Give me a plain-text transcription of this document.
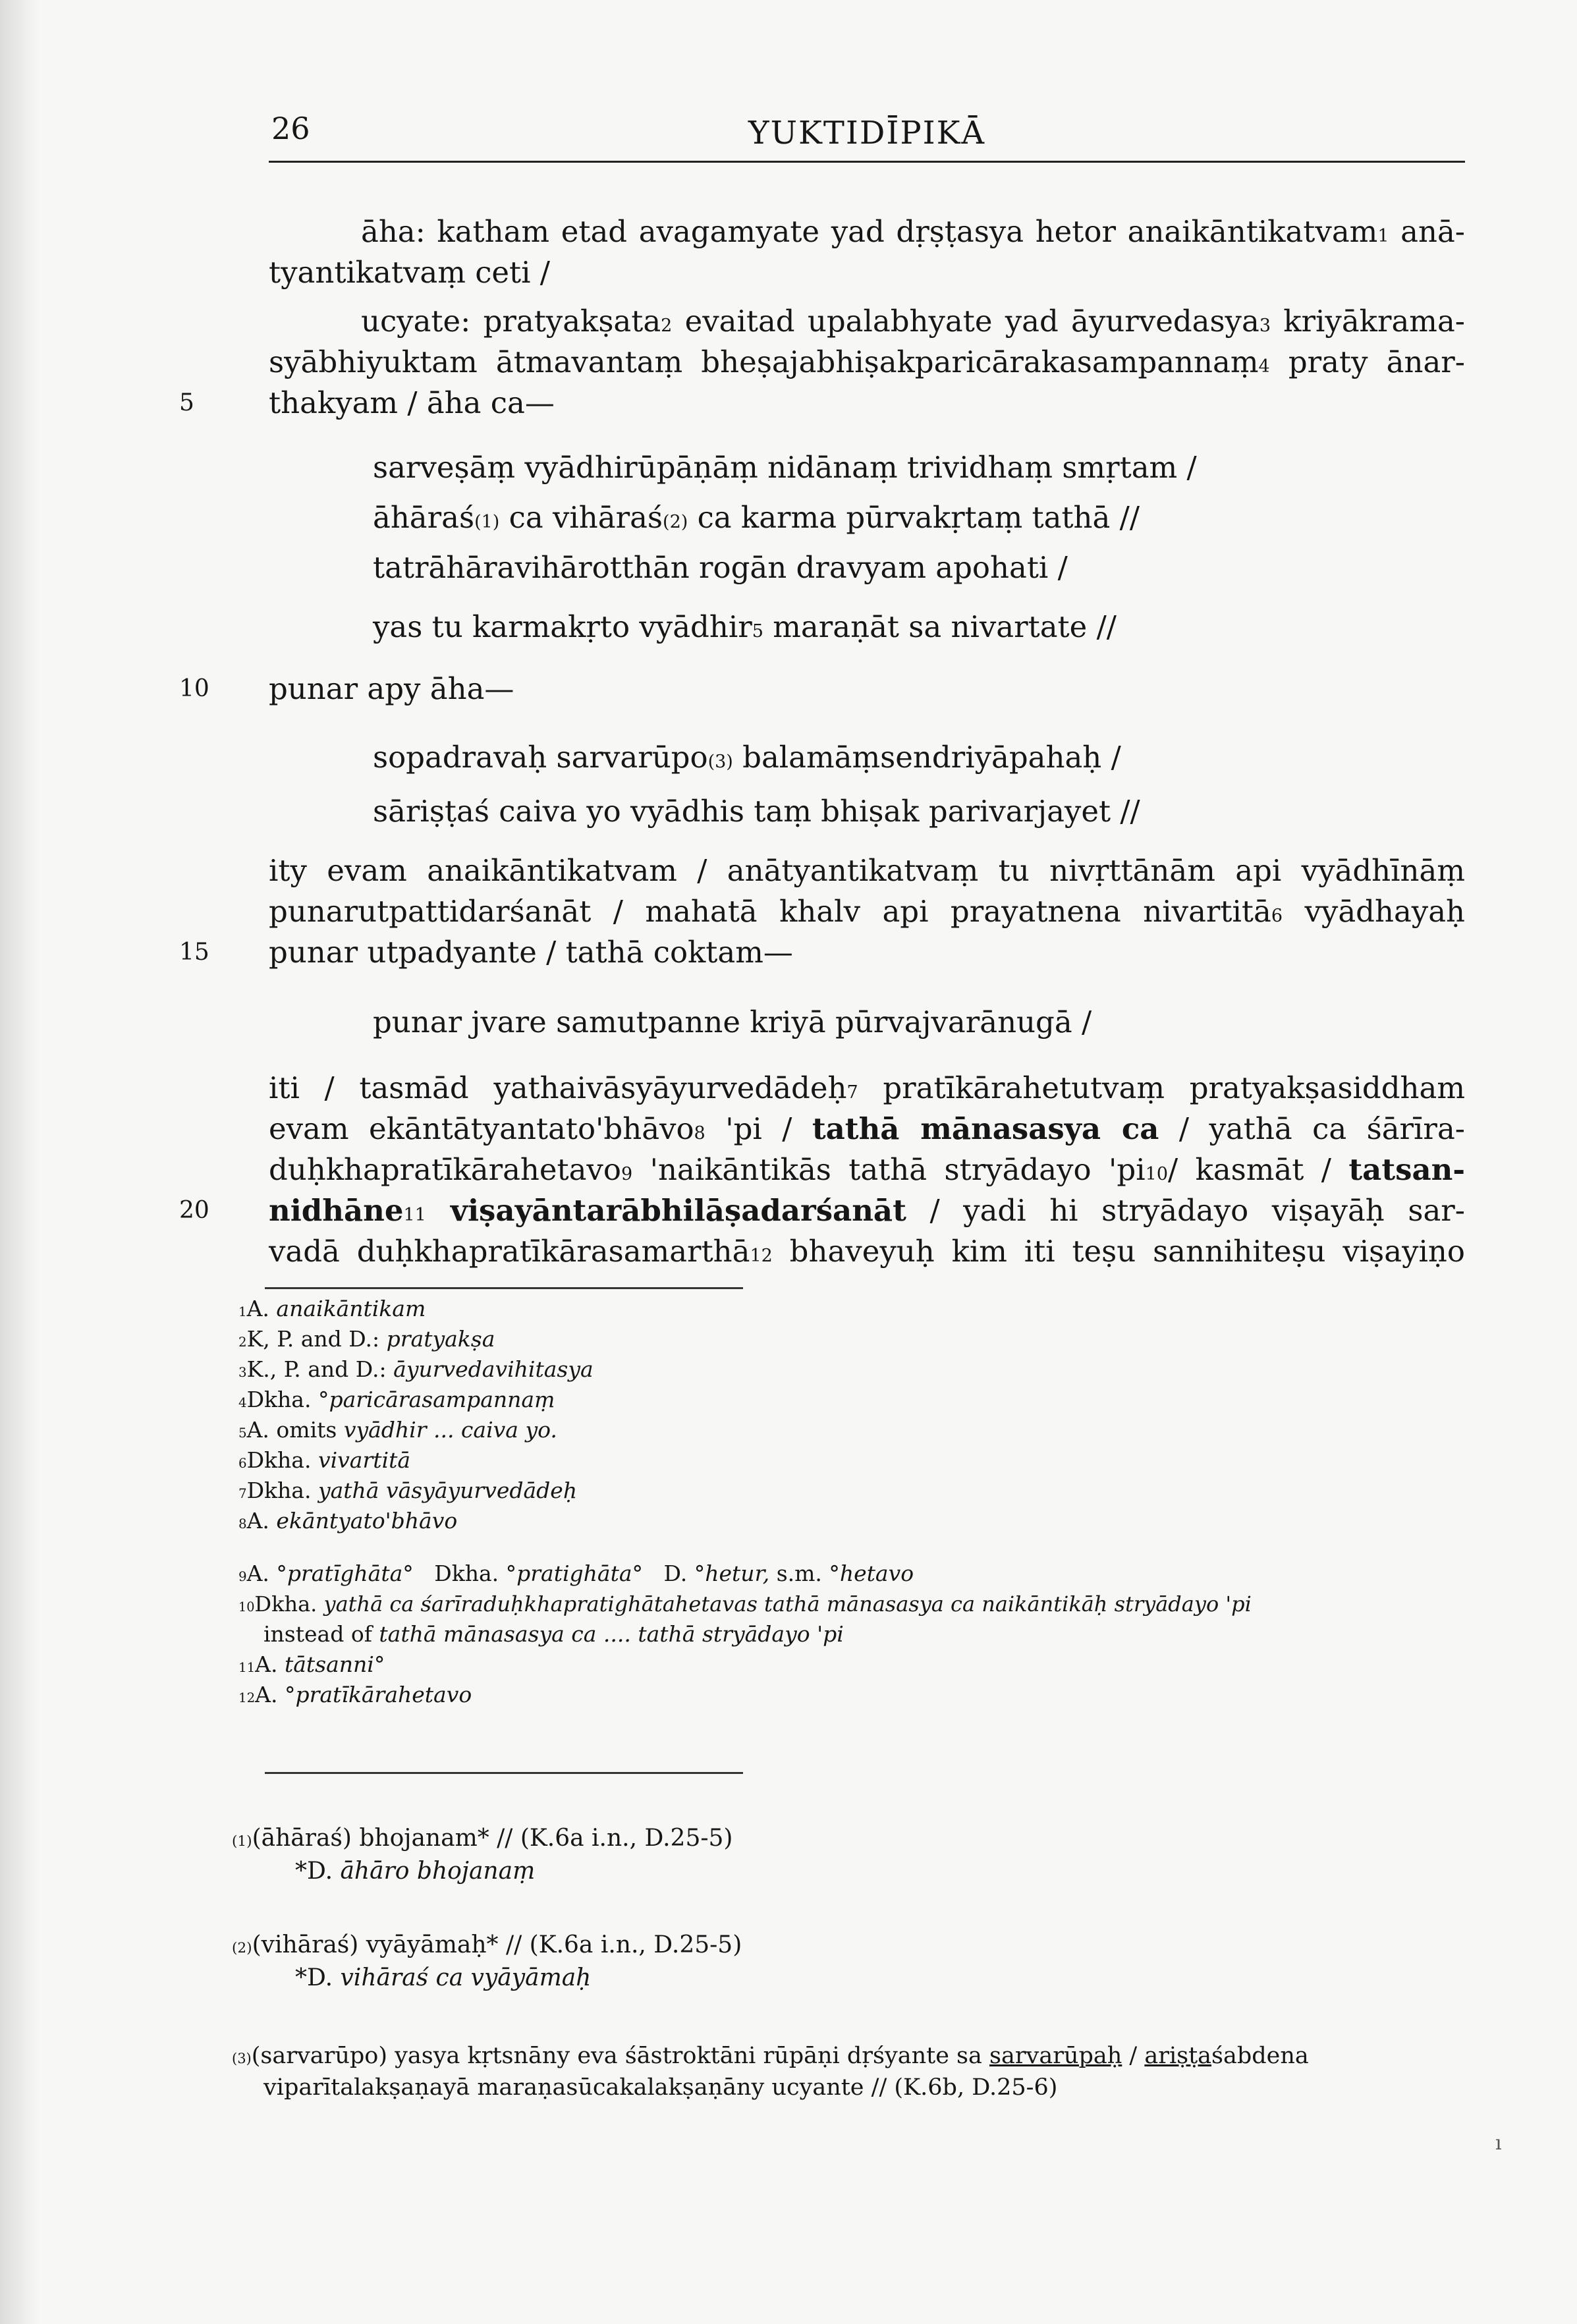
26	YUKTIDĪPIKĀ
āha: katham etad avagamyate yad dṛṣṭasya hetor anaikāntikatvam$^1$ anā-
tyantikatvaṃ ceti /
ucyate: pratyakṣata$^2$ evaitad upalabhyate yad āyurvedasya$^3$ kriyākrama-
syābhiyuktam ātmavantaṃ bheṣajabhiṣakparicārakasampannaṃ$^4$ praty ānar-
5	thakyam / āha ca—
sarveṣāṃ vyādhirūpāṇāṃ nidānaṃ trividhaṃ smṛtam /
āhāraś$^{(1)}$ ca vihāraś$^{(2)}$ ca karma pūrvakṛtaṃ tathā //
tatrāhāravihārotthān rogān dravyam apohati /
yas tu karmakṛto vyādhir$^5$ maraṇāt sa nivartate //
10 punar apy āha—
sopadravaḥ sarvarūpo$^{(3)}$ balamāṃsendriyāpahaḥ /
sāriṣṭaś caiva yo vyādhis taṃ bhiṣak parivarjayet //
ity evam anaikāntikatvam / anātyantikatvaṃ tu nivṛttānām api vyādhīnāṃ
punarutpattidarśanāt / mahatā khalv api prayatnena nivartitā$^6$ vyādhayaḥ
15 punar utpadyante / tathā coktam—
punar jvare samutpanne kriyā pūrvajvarānugā /
iti / tasmād yathaivāsyāyurvedādeḥ$^7$ pratīkārahetutvaṃ pratyakṣasiddham
evam ekāntātyantato'bhāvo$^8$ 'pi / tathā mānasasya ca / yathā ca śārīra-
duḥkhapratīkārahetavo$^9$ 'naikāntikās tathā stryādayo '$pi^{10}/$ kasmāt / tatsan-
20 nidhāne$^{11}$ viṣayāntarābhilāṣadarśanāt / yadi hi stryādayo viṣayāḥ sar-
vadā duḥkhapratīkārasamarthā$^{12}$ bhaveyuḥ kim iti teṣu sannihiteṣu viṣayiṇo
$^1$A. anaikāntikam
$^2$K, P. and D.: pratyakṣa
$^3$K., P. and D.: āyurvedavihitasya
$^4$Dkha. °paricārasampannaṃ
$^5$A. omits vyādhir ... caiva yo.
$^6$Dkha. vivartitā
$^7$Dkha. yathā vāsyāyurvedādeḥ
$^8$A. ekāntyato'bhāvo
$^9$A. °pratīghāta°   Dkha. °pratighāta°   D. °hetur, s.m. °hetavo
$^{10}$Dkha. yathā ca śarīraduḥkhapratighātahetavas tathā mānasasya ca naikāntikāḥ stryādayo 'pi
instead of tathā mānasasya ca .... tathā stryādayo 'pi
$^{11}$A. tātsanni°
$^{12}$A. °pratīkārahetavo
$^{(1)}$(āhāraś) bhojanam* // (K.6a i.n., D.25-5)
*D. āhāro bhojanaṃ
$^{(2)}$(vihāraś) vyāyāmaḥ* // (K.6a i.n., D.25-5)
*D. vihāraś ca vyāyāmaḥ
$^{(3)}$(sarvarūpo) yasya kṛtsnāny eva śāstroktāni rūpāṇi dṛśyante sa sarvarūpaḥ / ariṣṭaśabdena
viparītalakṣaṇayā maraṇasūcakalakṣaṇāny ucyante // (K.6b, D.25-6)
ı
